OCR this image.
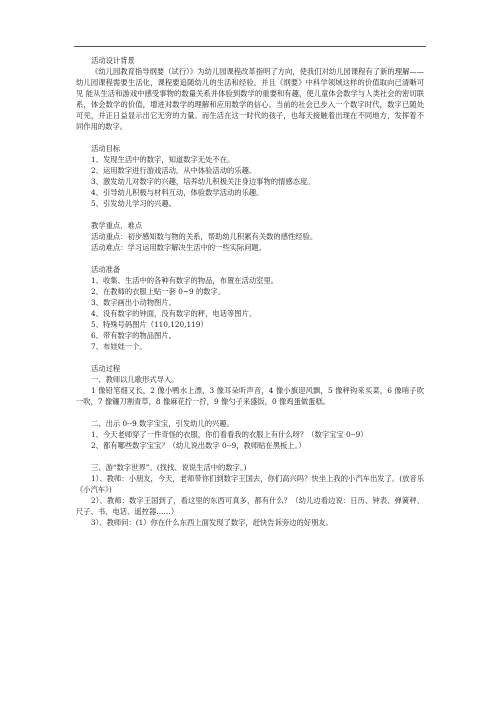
活动设计背景

《幼儿园教育指导纲要（试行）》为幼儿园课程改革指明了方向，使我们对幼儿园课程有了新的理解——幼儿园课程需要生活化，课程要追随幼儿的生活和经验，并且《纲要》中科学领域这样的价值取向已清晰可见 能从生活和游戏中感受事物的数量关系并体验到数学的重要和有趣，使儿童体会数学与人类社会的密切联系，体会数学的价值，增进对数学的理解和应用数学的信心。当前的社会已步入一个数字时代，数字已随处可见，并正日益显示出它无穷的力量。而生活在这一时代的孩子，也每天接触着出现在不同地方，发挥着不同作用的数字。

活动目标

1、发现生活中的数字，知道数字无处不在。

2、运用数字进行游戏活动，从中体验活动的乐趣。

3、激发幼儿对数字的兴趣，培养幼儿积极关注身边事物的情感态度。

4、引导幼儿积极与材料互动，体验数学活动的乐趣。

5、引发幼儿学习的兴趣。

教学重点、难点

活动重点：初步感知数与物的关系，帮助幼儿积累有关数的感性经验。

活动难点：学习运用数字解决生活中的一些实际问题。

活动准备

1、收集、生活中的各种有数字的物品，布置在活动室里。

2、在教师的衣服上贴一套 0~9 的数字。

3、数字画出小动物图片。

4、没有数字的钟面，没有数字的秤，电话等图片。

5、特殊号码图片（110,120,119）

6、带有数字的物品图片。

7、布娃娃一个。

活动过程

一、教师以儿歌形式导入。

1 像铅笔细又长，2 像小鸭水上漂，3 像耳朵听声音，4 像小旗迎风飘，5 像秤钩来买菜，6 像哨子吹一吹，7 像镰刀割青草，8 像麻花拧一拧，9 像勺子来盛饭，0 像鸡蛋做蛋糕。

二、出示 0--9 数字宝宝，引发幼儿的兴趣。

1、今天老师穿了一件奇怪的衣服，你们看看我的衣服上有什么呀？（数字宝宝 0--9）

2、都有哪些数字宝宝？（幼儿说出数字 0--9，教师贴在黑板上。）

三、游“数字世界”。(找找、说说生活中的数字。)

1）、教师：小朋友，今天，老师带你们到数字王国去，你们高兴吗？快坐上我的小汽车出发了。(放音乐《小汽车》)

2）、教师：数字王国到了，看这里的东西可真多，都有什么？（幼儿边看边说：日历、钟表、弹簧秤、尺子、书、电话、遥控器……）

3）、教师问：(1）你在什么东西上面发现了数字，赶快告诉旁边的好朋友。
